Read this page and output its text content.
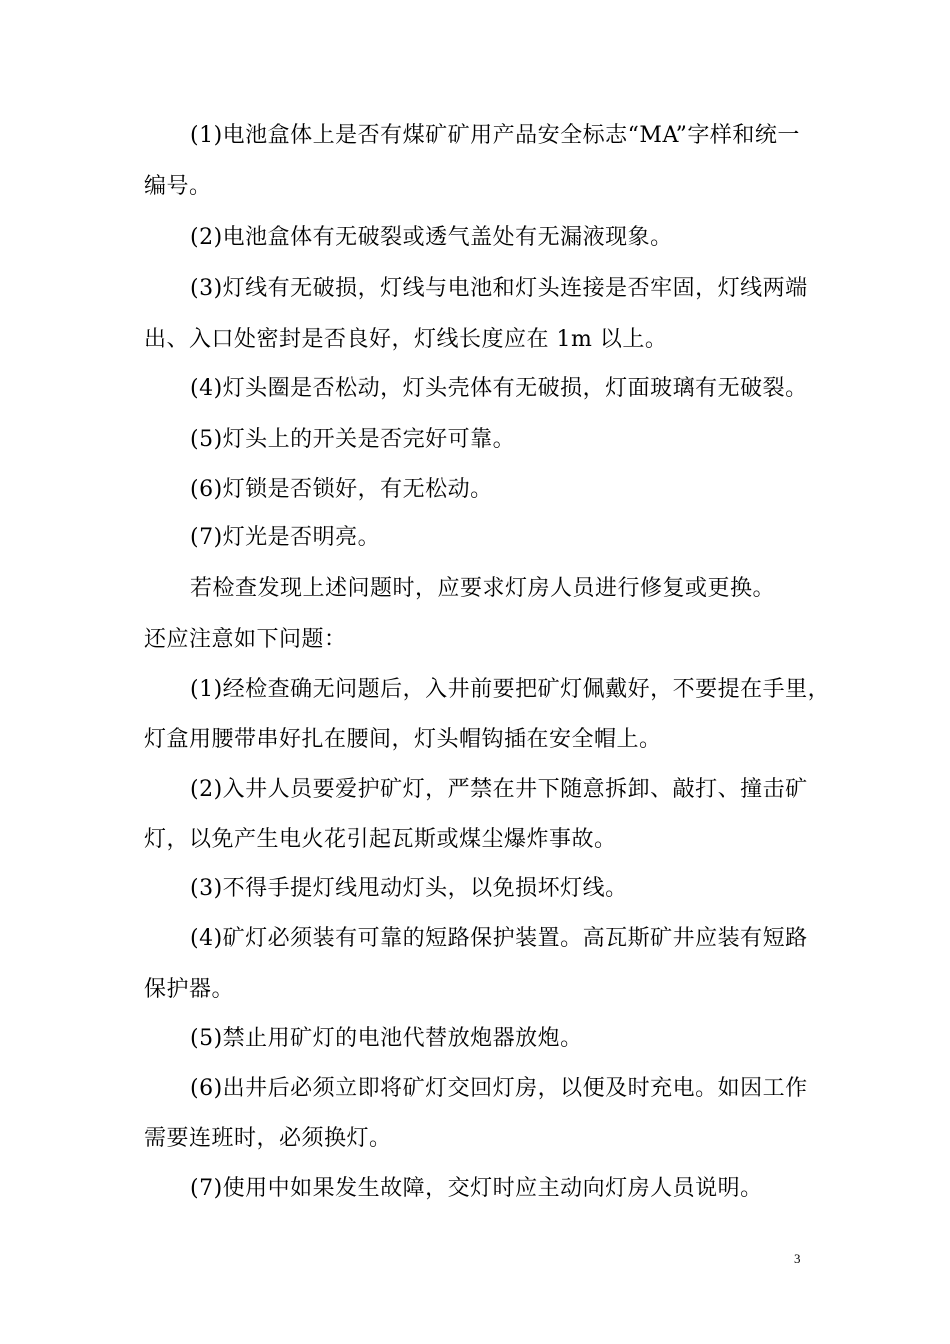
(1)电池盒体上是否有煤矿矿用产品安全标志“MA”字样和统一
编号。
(2)电池盒体有无破裂或透气盖处有无漏液现象。
(3)灯线有无破损，灯线与电池和灯头连接是否牢固，灯线两端
出、入口处密封是否良好，灯线长度应在 1m 以上。
(4)灯头圈是否松动，灯头壳体有无破损，灯面玻璃有无破裂。
(5)灯头上的开关是否完好可靠。
(6)灯锁是否锁好，有无松动。
(7)灯光是否明亮。
若检查发现上述问题时，应要求灯房人员进行修复或更换。
还应注意如下问题：
(1)经检查确无问题后，入井前要把矿灯佩戴好，不要提在手里，
灯盒用腰带串好扎在腰间，灯头帽钩插在安全帽上。
(2)入井人员要爱护矿灯，严禁在井下随意拆卸、敲打、撞击矿
灯，以免产生电火花引起瓦斯或煤尘爆炸事故。
(3)不得手提灯线甩动灯头，以免损坏灯线。
(4)矿灯必须装有可靠的短路保护装置。高瓦斯矿井应装有短路
保护器。
(5)禁止用矿灯的电池代替放炮器放炮。
(6)出井后必须立即将矿灯交回灯房，以便及时充电。如因工作
需要连班时，必须换灯。
(7)使用中如果发生故障，交灯时应主动向灯房人员说明。
3
